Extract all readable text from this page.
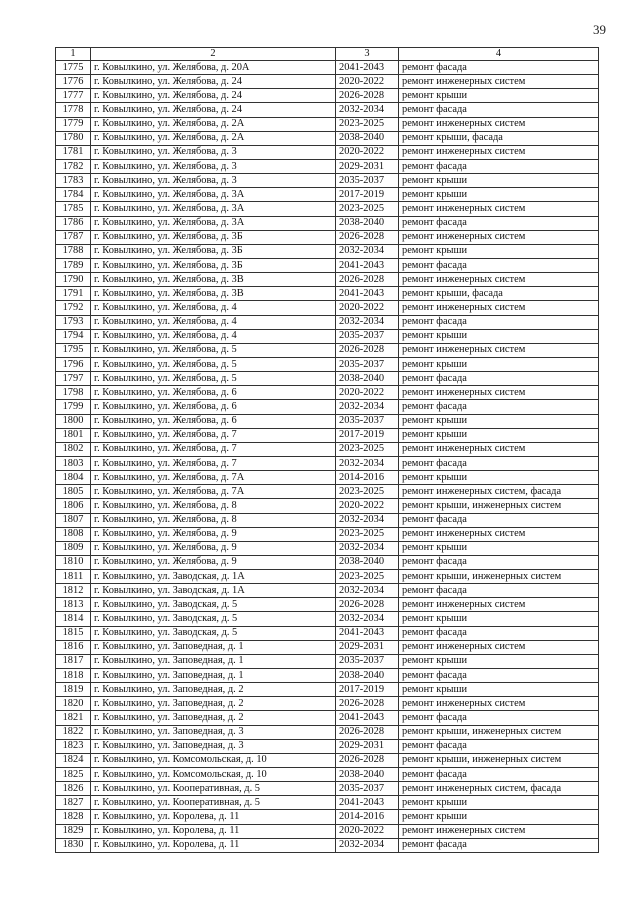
39
1	2	3	4
1775	г. Ковылкино, ул. Желябова, д. 20А	2041-2043	ремонт фасада
1776	г. Ковылкино, ул. Желябова, д. 24	2020-2022	ремонт инженерных систем
1777	г. Ковылкино, ул. Желябова, д. 24	2026-2028	ремонт крыши
1778	г. Ковылкино, ул. Желябова, д. 24	2032-2034	ремонт фасада
1779	г. Ковылкино, ул. Желябова, д. 2А	2023-2025	ремонт инженерных систем
1780	г. Ковылкино, ул. Желябова, д. 2А	2038-2040	ремонт крыши, фасада
1781	г. Ковылкино, ул. Желябова, д. 3	2020-2022	ремонт инженерных систем
1782	г. Ковылкино, ул. Желябова, д. 3	2029-2031	ремонт фасада
1783	г. Ковылкино, ул. Желябова, д. 3	2035-2037	ремонт крыши
1784	г. Ковылкино, ул. Желябова, д. 3А	2017-2019	ремонт крыши
1785	г. Ковылкино, ул. Желябова, д. 3А	2023-2025	ремонт инженерных систем
1786	г. Ковылкино, ул. Желябова, д. 3А	2038-2040	ремонт фасада
1787	г. Ковылкино, ул. Желябова, д. 3Б	2026-2028	ремонт инженерных систем
1788	г. Ковылкино, ул. Желябова, д. 3Б	2032-2034	ремонт крыши
1789	г. Ковылкино, ул. Желябова, д. 3Б	2041-2043	ремонт фасада
1790	г. Ковылкино, ул. Желябова, д. 3В	2026-2028	ремонт инженерных систем
1791	г. Ковылкино, ул. Желябова, д. 3В	2041-2043	ремонт крыши, фасада
1792	г. Ковылкино, ул. Желябова, д. 4	2020-2022	ремонт инженерных систем
1793	г. Ковылкино, ул. Желябова, д. 4	2032-2034	ремонт фасада
1794	г. Ковылкино, ул. Желябова, д. 4	2035-2037	ремонт крыши
1795	г. Ковылкино, ул. Желябова, д. 5	2026-2028	ремонт инженерных систем
1796	г. Ковылкино, ул. Желябова, д. 5	2035-2037	ремонт крыши
1797	г. Ковылкино, ул. Желябова, д. 5	2038-2040	ремонт фасада
1798	г. Ковылкино, ул. Желябова, д. 6	2020-2022	ремонт инженерных систем
1799	г. Ковылкино, ул. Желябова, д. 6	2032-2034	ремонт фасада
1800	г. Ковылкино, ул. Желябова, д. 6	2035-2037	ремонт крыши
1801	г. Ковылкино, ул. Желябова, д. 7	2017-2019	ремонт крыши
1802	г. Ковылкино, ул. Желябова, д. 7	2023-2025	ремонт инженерных систем
1803	г. Ковылкино, ул. Желябова, д. 7	2032-2034	ремонт фасада
1804	г. Ковылкино, ул. Желябова, д. 7А	2014-2016	ремонт крыши
1805	г. Ковылкино, ул. Желябова, д. 7А	2023-2025	ремонт инженерных систем, фасада
1806	г. Ковылкино, ул. Желябова, д. 8	2020-2022	ремонт крыши, инженерных систем
1807	г. Ковылкино, ул. Желябова, д. 8	2032-2034	ремонт фасада
1808	г. Ковылкино, ул. Желябова, д. 9	2023-2025	ремонт инженерных систем
1809	г. Ковылкино, ул. Желябова, д. 9	2032-2034	ремонт крыши
1810	г. Ковылкино, ул. Желябова, д. 9	2038-2040	ремонт фасада
1811	г. Ковылкино, ул. Заводская, д. 1А	2023-2025	ремонт крыши, инженерных систем
1812	г. Ковылкино, ул. Заводская, д. 1А	2032-2034	ремонт фасада
1813	г. Ковылкино, ул. Заводская, д. 5	2026-2028	ремонт инженерных систем
1814	г. Ковылкино, ул. Заводская, д. 5	2032-2034	ремонт крыши
1815	г. Ковылкино, ул. Заводская, д. 5	2041-2043	ремонт фасада
1816	г. Ковылкино, ул. Заповедная, д. 1	2029-2031	ремонт инженерных систем
1817	г. Ковылкино, ул. Заповедная, д. 1	2035-2037	ремонт крыши
1818	г. Ковылкино, ул. Заповедная, д. 1	2038-2040	ремонт фасада
1819	г. Ковылкино, ул. Заповедная, д. 2	2017-2019	ремонт крыши
1820	г. Ковылкино, ул. Заповедная, д. 2	2026-2028	ремонт инженерных систем
1821	г. Ковылкино, ул. Заповедная, д. 2	2041-2043	ремонт фасада
1822	г. Ковылкино, ул. Заповедная, д. 3	2026-2028	ремонт крыши, инженерных систем
1823	г. Ковылкино, ул. Заповедная, д. 3	2029-2031	ремонт фасада
1824	г. Ковылкино, ул. Комсомольская, д. 10	2026-2028	ремонт крыши, инженерных систем
1825	г. Ковылкино, ул. Комсомольская, д. 10	2038-2040	ремонт фасада
1826	г. Ковылкино, ул. Кооперативная, д. 5	2035-2037	ремонт инженерных систем, фасада
1827	г. Ковылкино, ул. Кооперативная, д. 5	2041-2043	ремонт крыши
1828	г. Ковылкино, ул. Королева, д. 11	2014-2016	ремонт крыши
1829	г. Ковылкино, ул. Королева, д. 11	2020-2022	ремонт инженерных систем
1830	г. Ковылкино, ул. Королева, д. 11	2032-2034	ремонт фасада
